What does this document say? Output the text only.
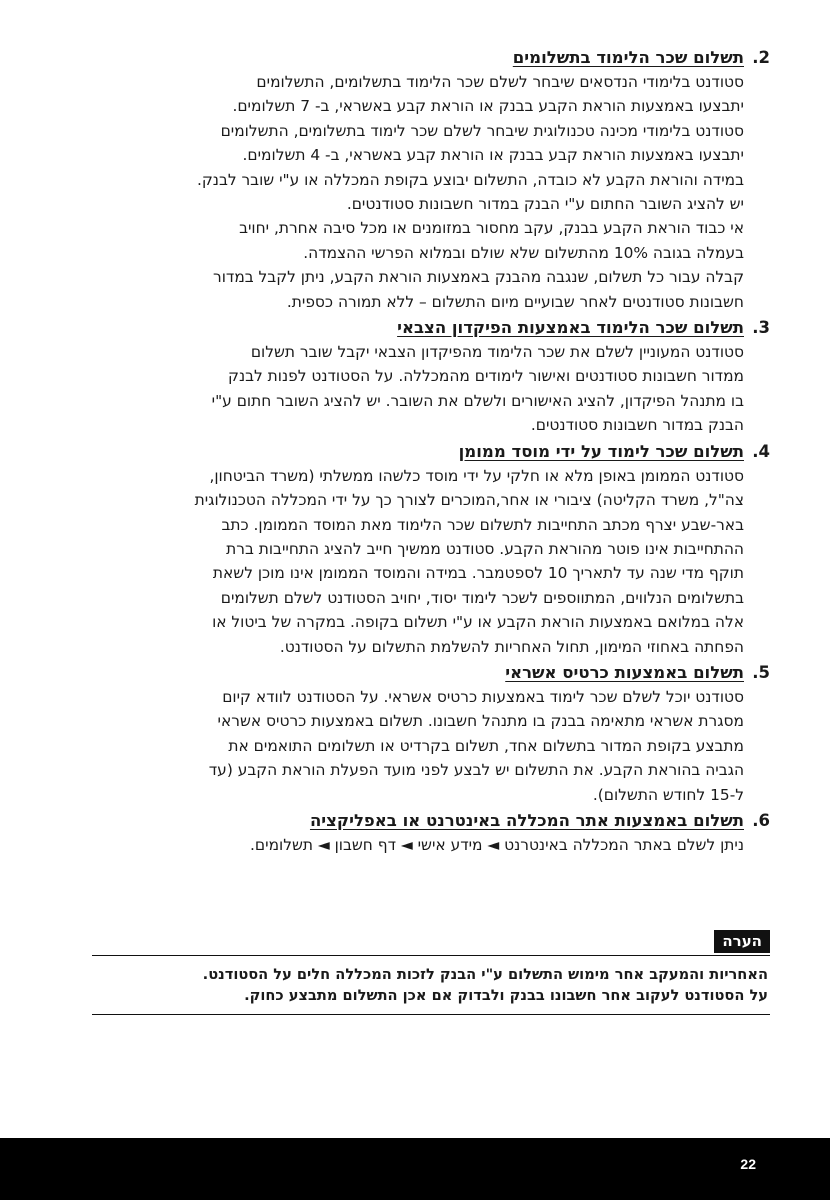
2.
תשלום שכר הלימוד בתשלומים

סטודנט בלימודי הנדסאים שיבחר לשלם שכר הלימוד בתשלומים, התשלומים

יתבצעו באמצעות הוראת הקבע בבנק או הוראת קבע באשראי, ב- 7 תשלומים.

סטודנט בלימודי מכינה טכנולוגית שיבחר לשלם שכר לימוד בתשלומים, התשלומים

יתבצעו באמצעות הוראת קבע בבנק או הוראת קבע באשראי, ב- 4 תשלומים.

במידה והוראת הקבע לא כובדה, התשלום יבוצע בקופת המכללה או ע"י שובר לבנק.

יש להציג השובר החתום ע"י הבנק במדור חשבונות סטודנטים.

אי כבוד הוראת הקבע בבנק, עקב מחסור במזומנים או מכל סיבה אחרת, יחויב

בעמלה בגובה 10% מהתשלום שלא שולם ובמלוא הפרשי ההצמדה.

קבלה עבור כל תשלום, שנגבה מהבנק באמצעות הוראת הקבע, ניתן לקבל במדור

חשבונות סטודנטים לאחר שבועיים מיום התשלום – ללא תמורה כספית.

3.
תשלום שכר הלימוד באמצעות הפיקדון הצבאי

סטודנט המעוניין לשלם את שכר הלימוד מהפיקדון הצבאי יקבל שובר תשלום

ממדור חשבונות סטודנטים ואישור לימודים מהמכללה. על הסטודנט לפנות לבנק

בו מתנהל הפיקדון, להציג האישורים ולשלם את השובר. יש להציג השובר חתום ע"י

הבנק במדור חשבונות סטודנטים.

4.
תשלום שכר לימוד על ידי מוסד ממומן

סטודנט הממומן באופן מלא או חלקי על ידי מוסד כלשהו ממשלתי (משרד הביטחון,

צה"ל, משרד הקליטה) ציבורי או אחר,המוכרים לצורך כך על ידי המכללה הטכנולוגית

באר-שבע יצרף מכתב התחייבות לתשלום שכר הלימוד מאת המוסד הממומן. כתב

ההתחייבות אינו פוטר מהוראת הקבע. סטודנט ממשיך חייב להציג התחייבות ברת

תוקף מדי שנה עד לתאריך 10 לספטמבר. במידה והמוסד הממומן אינו מוכן לשאת

בתשלומים הנלווים, המתווספים לשכר לימוד יסוד, יחויב הסטודנט לשלם תשלומים

אלה במלואם באמצעות הוראת הקבע או ע"י תשלום בקופה. במקרה של ביטול או

הפחתה באחוזי המימון, תחול האחריות להשלמת התשלום על הסטודנט.

5.
תשלום באמצעות כרטיס אשראי

סטודנט יוכל לשלם שכר לימוד באמצעות כרטיס אשראי. על הסטודנט לוודא קיום

מסגרת אשראי מתאימה בבנק בו מתנהל חשבונו. תשלום באמצעות כרטיס אשראי

מתבצע בקופת המדור בתשלום אחד, תשלום בקרדיט או תשלומים התואמים את

הגביה בהוראת הקבע. את התשלום יש לבצע לפני מועד הפעלת הוראת הקבע (עד

ל-15 לחודש התשלום).

6.
תשלום באמצעות אתר המכללה באינטרנט או באפליקציה

ניתן לשלם באתר המכללה באינטרנט ◄ מידע אישי ◄ דף חשבון ◄ תשלומים.

הערה
האחריות והמעקב אחר מימוש התשלום ע"י הבנק לזכות המכללה חלים על הסטודנט.
על הסטודנט לעקוב אחר חשבונו בבנק ולבדוק אם אכן התשלום מתבצע כחוק.
22
